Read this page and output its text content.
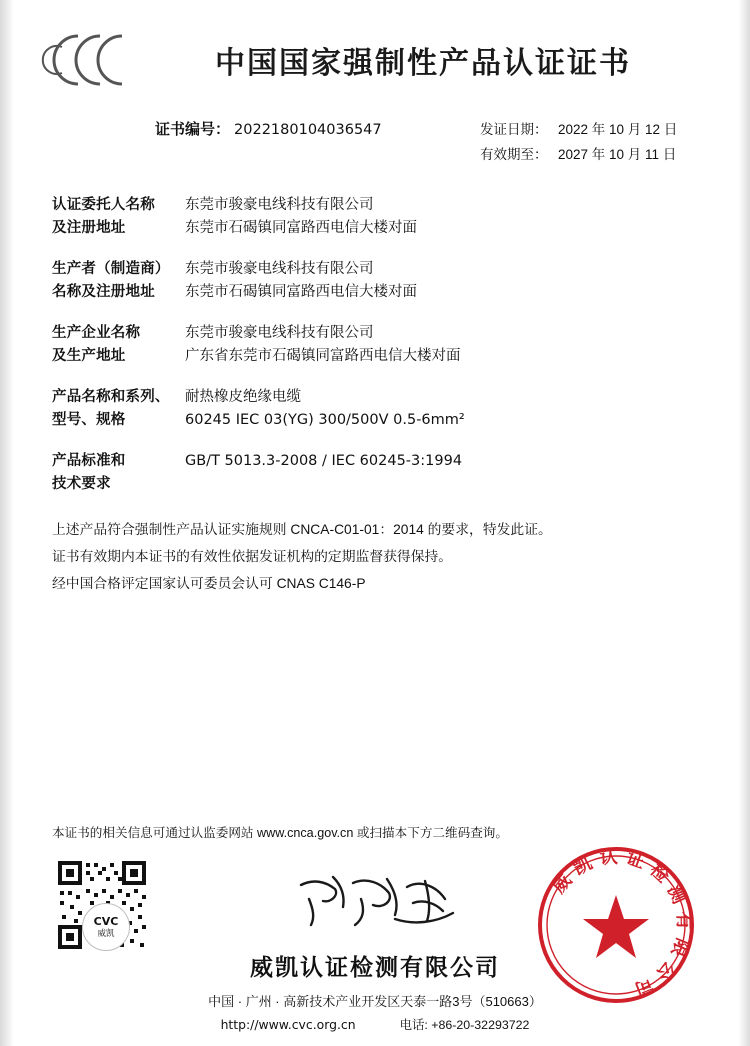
中国国家强制性产品认证证书
证书编号： 2022180104036547	发证日期： 2022 年 10 月 12 日
有效期至： 2027 年 10 月 11 日
认证委托人名称
及注册地址
东莞市骏豪电线科技有限公司
东莞市石碣镇同富路西电信大楼对面
生产者（制造商）
名称及注册地址
东莞市骏豪电线科技有限公司
东莞市石碣镇同富路西电信大楼对面
生产企业名称
及生产地址
东莞市骏豪电线科技有限公司
广东省东莞市石碣镇同富路西电信大楼对面
产品名称和系列、
型号、规格
耐热橡皮绝缘电缆
60245 IEC 03(YG) 300/500V 0.5-6mm²
产品标准和
技术要求
GB/T 5013.3-2008 / IEC 60245-3:1994
上述产品符合强制性产品认证实施规则 CNCA-C01-01：2014 的要求，特发此证。
证书有效期内本证书的有效性依据发证机构的定期监督获得保持。
经中国合格评定国家认可委员会认可 CNAS C146-P
本证书的相关信息可通过认监委网站 www.cnca.gov.cn 或扫描本下方二维码查询。
CVC
威凯
威凯认证检测有限公司
威凯认证检测有限公司
中国 · 广州 · 高新技术产业开发区天泰一路3号（510663）
http://www.cvc.org.cn	电话: +86-20-32293722
